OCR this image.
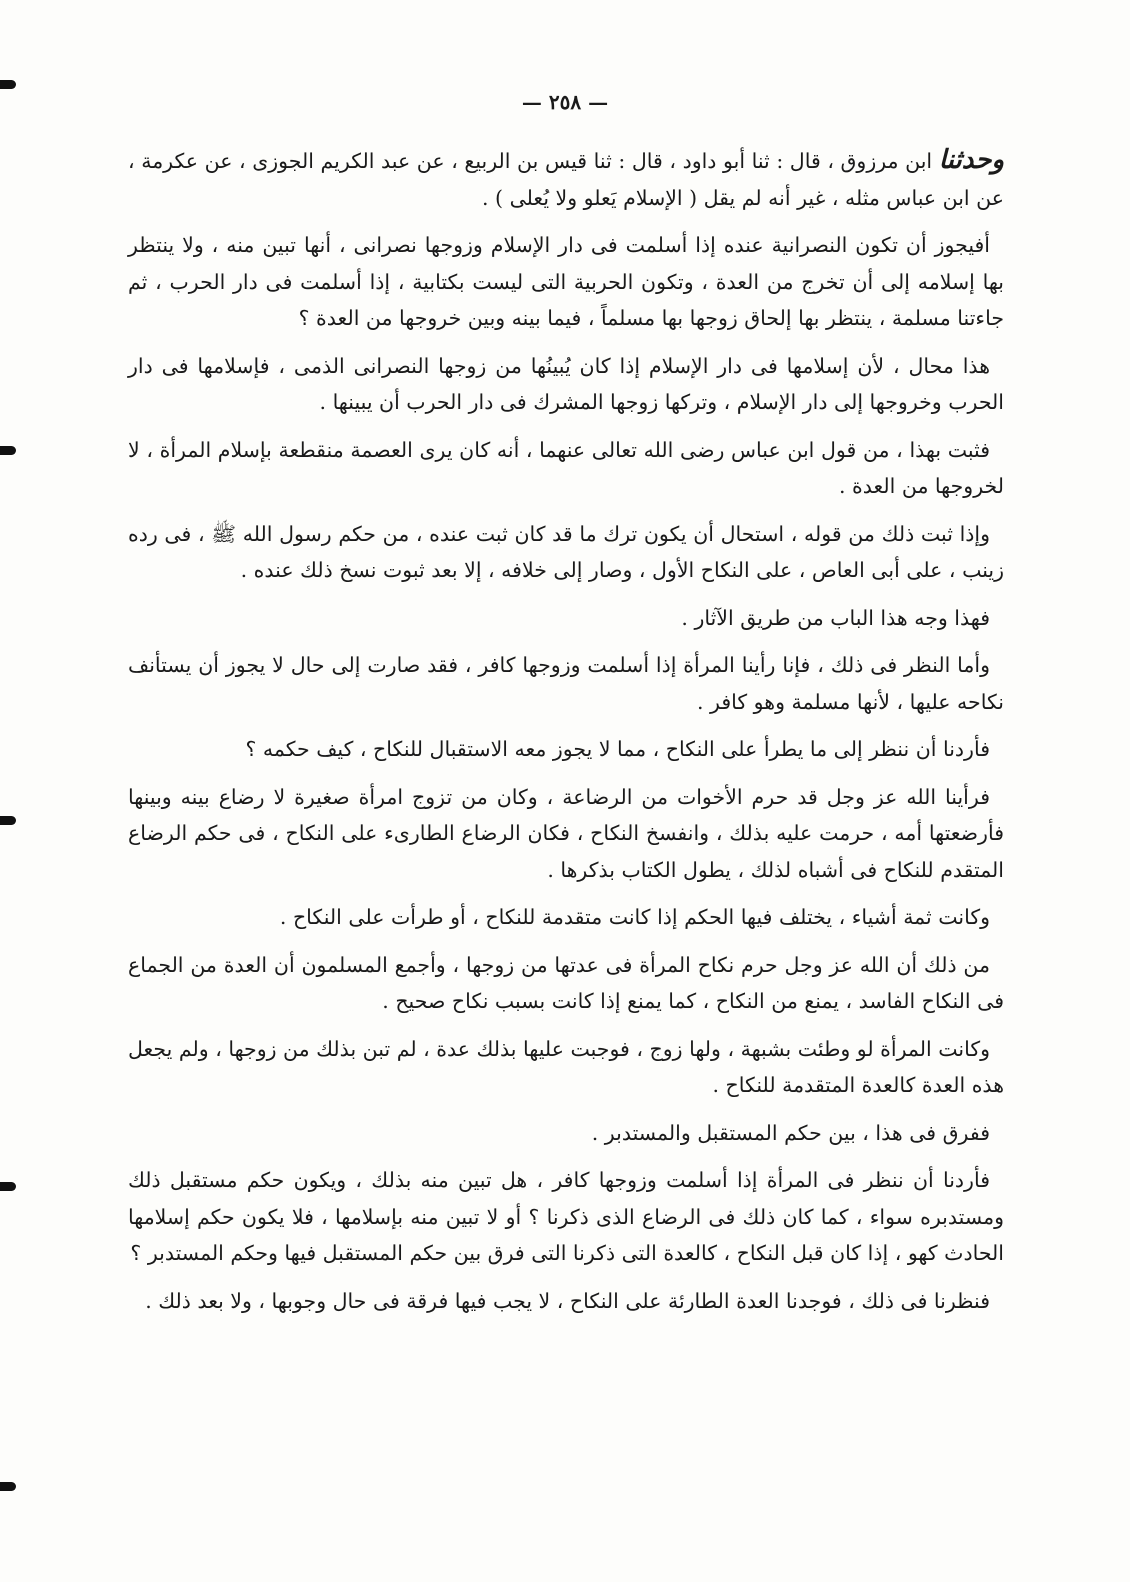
— ٢٥٨ —

وحدثنا ابن مرزوق ، قال : ثنا أبو داود ، قال : ثنا قيس بن الربيع ، عن عبد الكريم الجوزى ، عن عكرمة ، عن ابن عباس مثله ، غير أنه لم يقل ( الإسلام يَعلو ولا يُعلى ) .

أفيجوز أن تكون النصرانية عنده إذا أسلمت فى دار الإسلام وزوجها نصرانى ، أنها تبين منه ، ولا ينتظر بها إسلامه إلى أن تخرج من العدة ، وتكون الحربية التى ليست بكتابية ، إذا أسلمت فى دار الحرب ، ثم جاءتنا مسلمة ، ينتظر بها إلحاق زوجها بها مسلماً ، فيما بينه وبين خروجها من العدة ؟

هذا محال ، لأن إسلامها فى دار الإسلام إذا كان يُبينُها من زوجها النصرانى الذمى ، فإسلامها فى دار الحرب وخروجها إلى دار الإسلام ، وتركها زوجها المشرك فى دار الحرب أن يبينها .

فثبت بهذا ، من قول ابن عباس رضى الله تعالى عنهما ، أنه كان يرى العصمة منقطعة بإسلام المرأة ، لا لخروجها من العدة .

وإذا ثبت ذلك من قوله ، استحال أن يكون ترك ما قد كان ثبت عنده ، من حكم رسول الله ﷺ ، فى رده زينب ، على أبى العاص ، على النكاح الأول ، وصار إلى خلافه ، إلا بعد ثبوت نسخ ذلك عنده .

فهذا وجه هذا الباب من طريق الآثار .

وأما النظر فى ذلك ، فإنا رأينا المرأة إذا أسلمت وزوجها كافر ، فقد صارت إلى حال لا يجوز أن يستأنف نكاحه عليها ، لأنها مسلمة وهو كافر .

فأردنا أن ننظر إلى ما يطرأ على النكاح ، مما لا يجوز معه الاستقبال للنكاح ، كيف حكمه ؟

فرأينا الله عز وجل قد حرم الأخوات من الرضاعة ، وكان من تزوج امرأة صغيرة لا رضاع بينه وبينها فأرضعتها أمه ، حرمت عليه بذلك ، وانفسخ النكاح ، فكان الرضاع الطارىء على النكاح ، فى حكم الرضاع المتقدم للنكاح فى أشباه لذلك ، يطول الكتاب بذكرها .

وكانت ثمة أشياء ، يختلف فيها الحكم إذا كانت متقدمة للنكاح ، أو طرأت على النكاح .

من ذلك أن الله عز وجل حرم نكاح المرأة فى عدتها من زوجها ، وأجمع المسلمون أن العدة من الجماع فى النكاح الفاسد ، يمنع من النكاح ، كما يمنع إذا كانت بسبب نكاح صحيح .

وكانت المرأة لو وطئت بشبهة ، ولها زوج ، فوجبت عليها بذلك عدة ، لم تبن بذلك من زوجها ، ولم يجعل هذه العدة كالعدة المتقدمة للنكاح .

ففرق فى هذا ، بين حكم المستقبل والمستدبر .

فأردنا أن ننظر فى المرأة إذا أسلمت وزوجها كافر ، هل تبين منه بذلك ، ويكون حكم مستقبل ذلك ومستدبره سواء ، كما كان ذلك فى الرضاع الذى ذكرنا ؟ أو لا تبين منه بإسلامها ، فلا يكون حكم إسلامها الحادث كهو ، إذا كان قبل النكاح ، كالعدة التى ذكرنا التى فرق بين حكم المستقبل فيها وحكم المستدبر ؟

فنظرنا فى ذلك ، فوجدنا العدة الطارئة على النكاح ، لا يجب فيها فرقة فى حال وجوبها ، ولا بعد ذلك .
